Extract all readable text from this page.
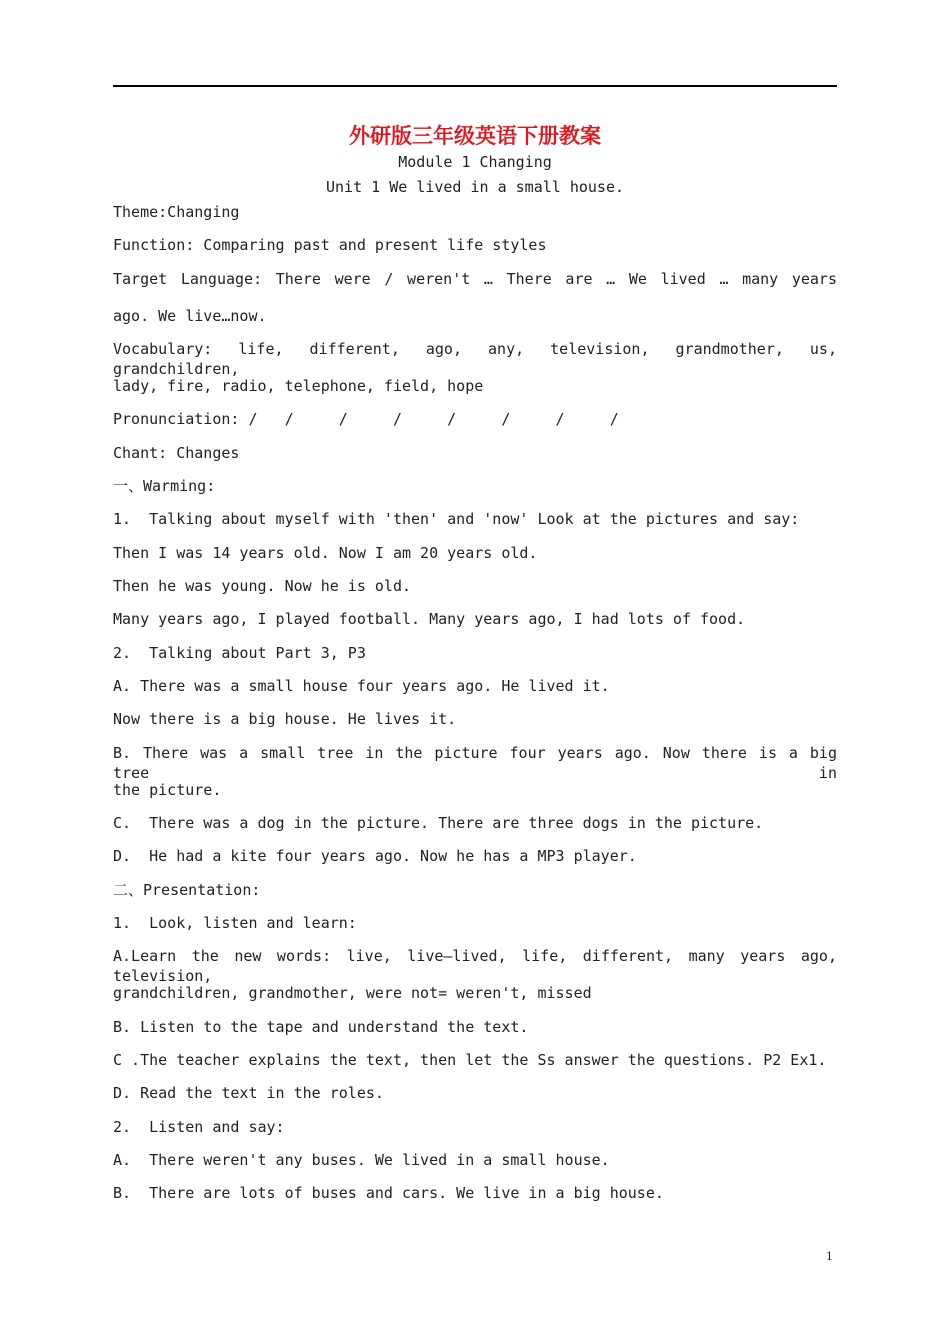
外研版三年级英语下册教案
Module 1 Changing
Unit 1 We lived in a small house.
Theme:Changing
Function: Comparing past and present life styles
Target Language: There were / weren't … There are … We lived … many years
ago. We live…now.
Vocabulary: life, different, ago, any, television, grandmother, us, grandchildren,
lady, fire, radio, telephone, field, hope
Pronunciation: /   /     /     /     /     /     /     /
Chant: Changes
一、Warming:
1.  Talking about myself with 'then' and 'now' Look at the pictures and say:
Then I was 14 years old. Now I am 20 years old.
Then he was young. Now he is old.
Many years ago, I played football. Many years ago, I had lots of food.
2.  Talking about Part 3, P3
A. There was a small house four years ago. He lived it.
Now there is a big house. He lives it.
B. There was a small tree in the picture four years ago. Now there is a big tree in
the picture.
C.  There was a dog in the picture. There are three dogs in the picture.
D.  He had a kite four years ago. Now he has a MP3 player.
二、Presentation:
1.  Look, listen and learn:
A.Learn the new words: live, live—lived, life, different, many years ago, television,
grandchildren, grandmother, were not= weren't, missed
B. Listen to the tape and understand the text.
C .The teacher explains the text, then let the Ss answer the questions. P2 Ex1.
D. Read the text in the roles.
2.  Listen and say:
A.  There weren't any buses. We lived in a small house.
B.  There are lots of buses and cars. We live in a big house.
1
